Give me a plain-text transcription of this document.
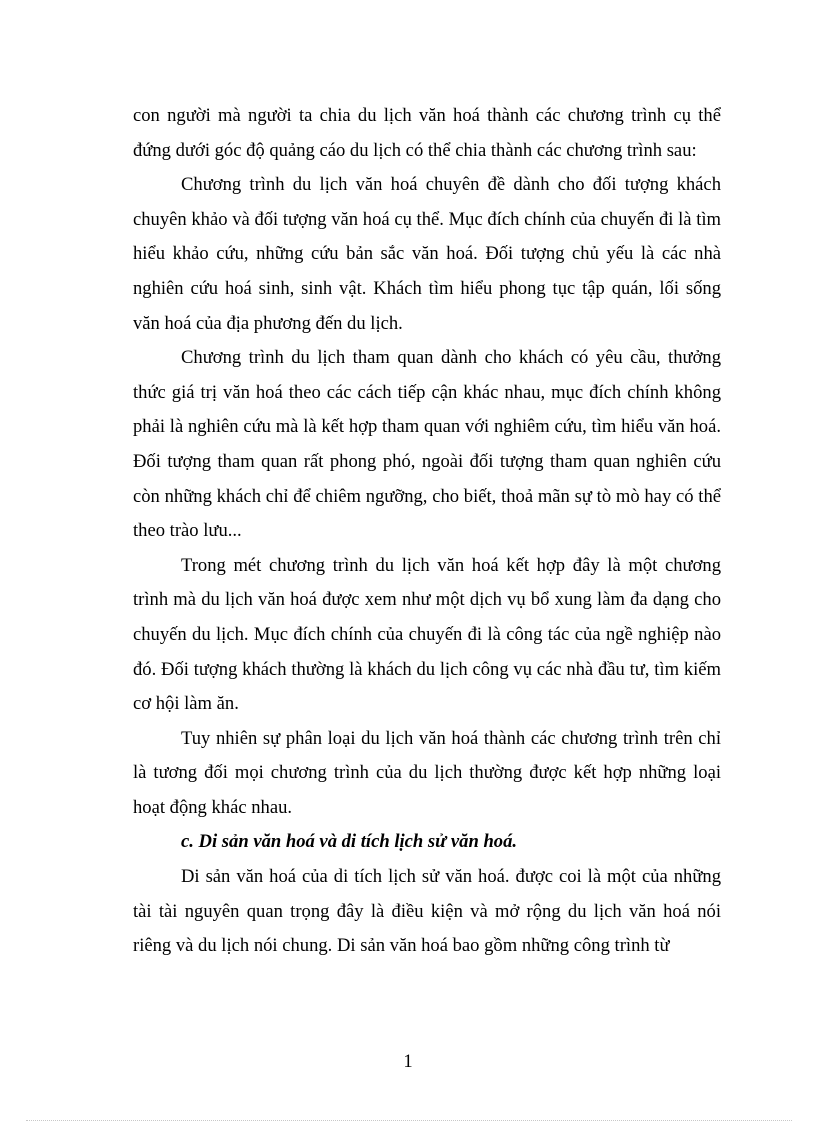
con người mà người ta chia du lịch văn hoá thành các chương trình cụ thể đứng dưới góc độ quảng cáo du lịch có thể chia thành các chương trình sau:

Chương trình du lịch văn hoá chuyên đề dành cho đối tượng khách chuyên khảo và đối tượng văn hoá cụ thể. Mục đích chính của chuyến đi là tìm hiểu khảo cứu, những cứu bản sắc văn hoá. Đối tượng chủ yếu là các nhà nghiên cứu hoá sinh, sinh vật. Khách tìm hiểu phong tục tập quán, lối sống văn hoá của địa phương đến du lịch.

Chương trình du lịch tham quan dành cho khách có yêu cầu, thưởng thức giá trị văn hoá theo các cách tiếp cận khác nhau, mục đích chính không phải là nghiên cứu mà là kết hợp tham quan với nghiêm cứu, tìm hiểu văn hoá. Đối tượng tham quan rất phong phó, ngoài đối tượng tham quan nghiên cứu còn những khách chỉ để chiêm ngưỡng, cho biết, thoả mãn sự tò mò hay có thể theo trào lưu...

Trong mét chương trình du lịch văn hoá kết hợp đây là một chương trình mà du lịch văn hoá được xem như một dịch vụ bổ xung làm đa dạng cho chuyến du lịch. Mục đích chính của chuyến đi là công tác của ngề nghiệp nào đó. Đối tượng khách thường là khách du lịch công vụ các nhà đầu tư, tìm kiếm cơ hội làm ăn.

Tuy nhiên sự phân loại du lịch văn hoá thành các chương trình trên chỉ là tương đối mọi chương trình của du lịch thường được kết hợp những loại hoạt động khác nhau.

c. Di sản văn hoá và di tích lịch sử văn hoá.

Di sản văn hoá của di tích lịch sử văn hoá. được coi là một của những tài tài nguyên quan trọng đây là điều kiện và mở rộng du lịch văn hoá nói riêng và du lịch nói chung. Di sản văn hoá bao gồm những công trình từ

1
